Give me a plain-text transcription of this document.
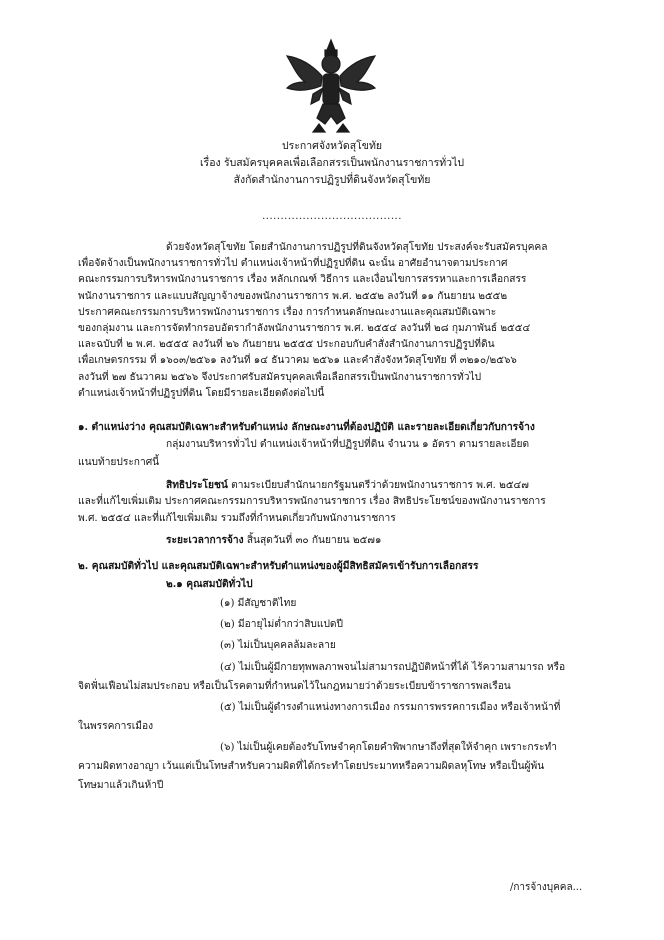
ประกาศจังหวัดสุโขทัย
เรื่อง รับสมัครบุคคลเพื่อเลือกสรรเป็นพนักงานราชการทั่วไป
สังกัดสำนักงานการปฏิรูปที่ดินจังหวัดสุโขทัย
......................................
ด้วยจังหวัดสุโขทัย โดยสำนักงานการปฏิรูปที่ดินจังหวัดสุโขทัย ประสงค์จะรับสมัครบุคคล
เพื่อจัดจ้างเป็นพนักงานราชการทั่วไป ตำแหน่งเจ้าหน้าที่ปฏิรูปที่ดิน ฉะนั้น อาศัยอำนาจตามประกาศ
คณะกรรมการบริหารพนักงานราชการ เรื่อง หลักเกณฑ์ วิธีการ และเงื่อนไขการสรรหาและการเลือกสรร
พนักงานราชการ และแบบสัญญาจ้างของพนักงานราชการ พ.ศ. ๒๕๕๒ ลงวันที่ ๑๑ กันยายน ๒๕๕๒
ประกาศคณะกรรมการบริหารพนักงานราชการ เรื่อง การกำหนดลักษณะงานและคุณสมบัติเฉพาะ
ของกลุ่มงาน และการจัดทำกรอบอัตรากำลังพนักงานราชการ พ.ศ. ๒๕๕๔ ลงวันที่ ๒๘ กุมภาพันธ์ ๒๕๕๔
และฉบับที่ ๒ พ.ศ. ๒๕๕๕ ลงวันที่ ๒๖ กันยายน ๒๕๕๕ ประกอบกับคำสั่งสำนักงานการปฏิรูปที่ดิน
เพื่อเกษตรกรรม ที่ ๑๖๐๓/๒๕๖๑ ลงวันที่ ๑๔ ธันวาคม ๒๕๖๑ และคำสั่งจังหวัดสุโขทัย ที่ ๓๒๑๐/๒๕๖๖
ลงวันที่ ๒๗ ธันวาคม ๒๕๖๖ จึงประกาศรับสมัครบุคคลเพื่อเลือกสรรเป็นพนักงานราชการทั่วไป
ตำแหน่งเจ้าหน้าที่ปฏิรูปที่ดิน โดยมีรายละเอียดดังต่อไปนี้
๑. ตำแหน่งว่าง คุณสมบัติเฉพาะสำหรับตำแหน่ง ลักษณะงานที่ต้องปฏิบัติ และรายละเอียดเกี่ยวกับการจ้าง
กลุ่มงานบริหารทั่วไป ตำแหน่งเจ้าหน้าที่ปฏิรูปที่ดิน จำนวน ๑ อัตรา ตามรายละเอียด
แนบท้ายประกาศนี้
สิทธิประโยชน์ ตามระเบียบสำนักนายกรัฐมนตรีว่าด้วยพนักงานราชการ พ.ศ. ๒๕๔๗
และที่แก้ไขเพิ่มเติม ประกาศคณะกรรมการบริหารพนักงานราชการ เรื่อง สิทธิประโยชน์ของพนักงานราชการ
พ.ศ. ๒๕๕๔ และที่แก้ไขเพิ่มเติม รวมถึงที่กำหนดเกี่ยวกับพนักงานราชการ
ระยะเวลาการจ้าง สิ้นสุดวันที่ ๓๐ กันยายน ๒๕๗๑
๒. คุณสมบัติทั่วไป และคุณสมบัติเฉพาะสำหรับตำแหน่งของผู้มีสิทธิสมัครเข้ารับการเลือกสรร
๒.๑ คุณสมบัติทั่วไป
(๑) มีสัญชาติไทย
(๒) มีอายุไม่ต่ำกว่าสิบแปดปี
(๓) ไม่เป็นบุคคลล้มละลาย
(๔) ไม่เป็นผู้มีกายทุพพลภาพจนไม่สามารถปฏิบัติหน้าที่ได้ ไร้ความสามารถ หรือ
จิตฟั่นเฟือนไม่สมประกอบ หรือเป็นโรคตามที่กำหนดไว้ในกฎหมายว่าด้วยระเบียบข้าราชการพลเรือน
(๕) ไม่เป็นผู้ดำรงตำแหน่งทางการเมือง กรรมการพรรคการเมือง หรือเจ้าหน้าที่
ในพรรคการเมือง
(๖) ไม่เป็นผู้เคยต้องรับโทษจำคุกโดยคำพิพากษาถึงที่สุดให้จำคุก เพราะกระทำ
ความผิดทางอาญา เว้นแต่เป็นโทษสำหรับความผิดที่ได้กระทำโดยประมาทหรือความผิดลหุโทษ หรือเป็นผู้พ้น
โทษมาแล้วเกินห้าปี
/การจ้างบุคคล...
